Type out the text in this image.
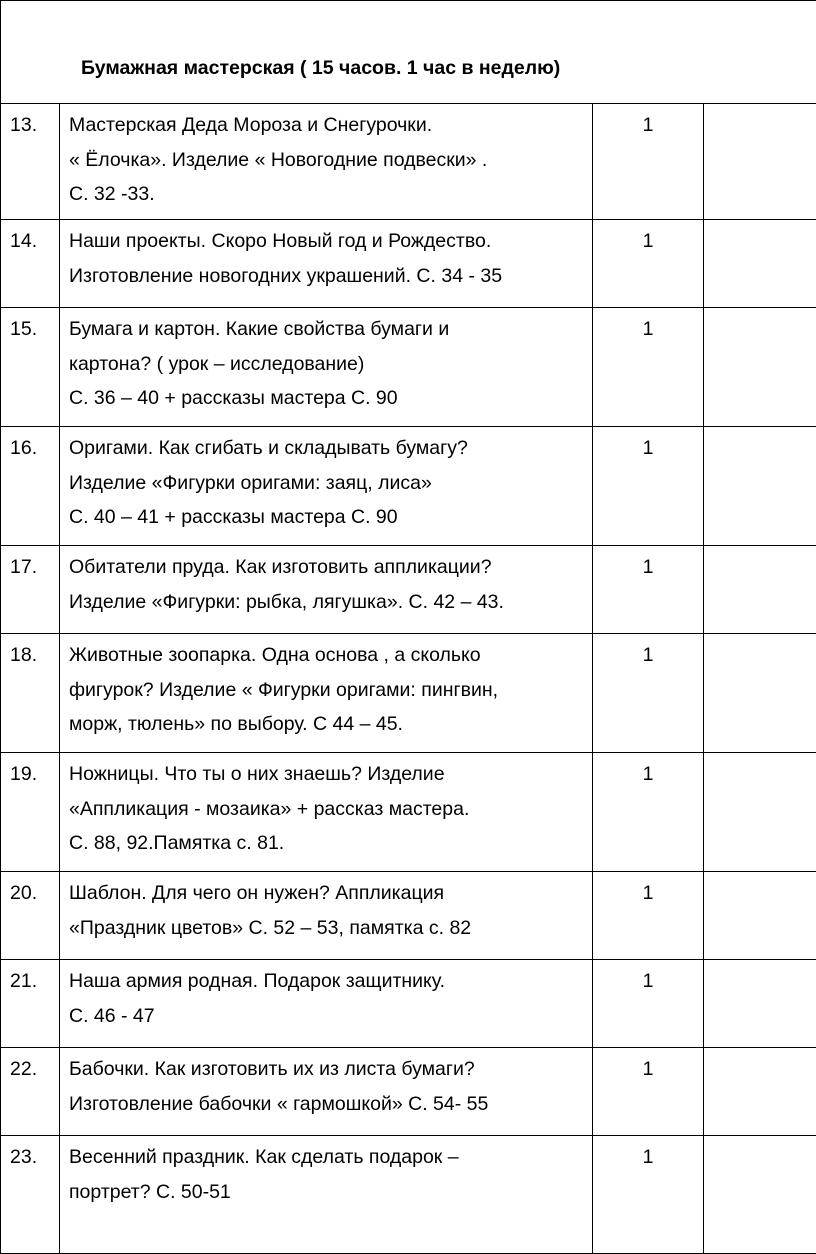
Бумажная мастерская ( 15 часов. 1 час в неделю)			

13.	Мастерская Деда Мороза и Снегурочки.
« Ёлочка». Изделие « Новогодние подвески» .
С. 32 -33.	1	

14.	Наши проекты. Скоро Новый год и Рождество.
Изготовление новогодних украшений. С. 34 - 35	1	

15.	Бумага и картон. Какие свойства бумаги и
картона? ( урок – исследование)
С. 36 – 40 + рассказы мастера С. 90	1	

16.	Оригами. Как сгибать и складывать бумагу?
Изделие «Фигурки оригами: заяц, лиса»
С. 40 – 41 + рассказы мастера С. 90	1	

17.	Обитатели пруда. Как изготовить аппликации?
Изделие «Фигурки: рыбка, лягушка». С. 42 – 43.	1	

18.	Животные зоопарка. Одна основа , а сколько
фигурок? Изделие « Фигурки оригами: пингвин,
морж, тюлень» по выбору. С 44 – 45.	1	

19.	Ножницы. Что ты о них знаешь? Изделие
«Аппликация - мозаика» + рассказ мастера.
С. 88, 92.Памятка с. 81.	1	

20.	Шаблон. Для чего он нужен? Аппликация
«Праздник цветов» С. 52 – 53, памятка с. 82	1	

21.	Наша армия родная. Подарок защитнику.
С. 46 - 47	1	

22.	Бабочки. Как изготовить их из листа бумаги?
Изготовление бабочки « гармошкой» С. 54- 55	1	

23.	Весенний праздник. Как сделать подарок –
портрет? С. 50-51	1	
